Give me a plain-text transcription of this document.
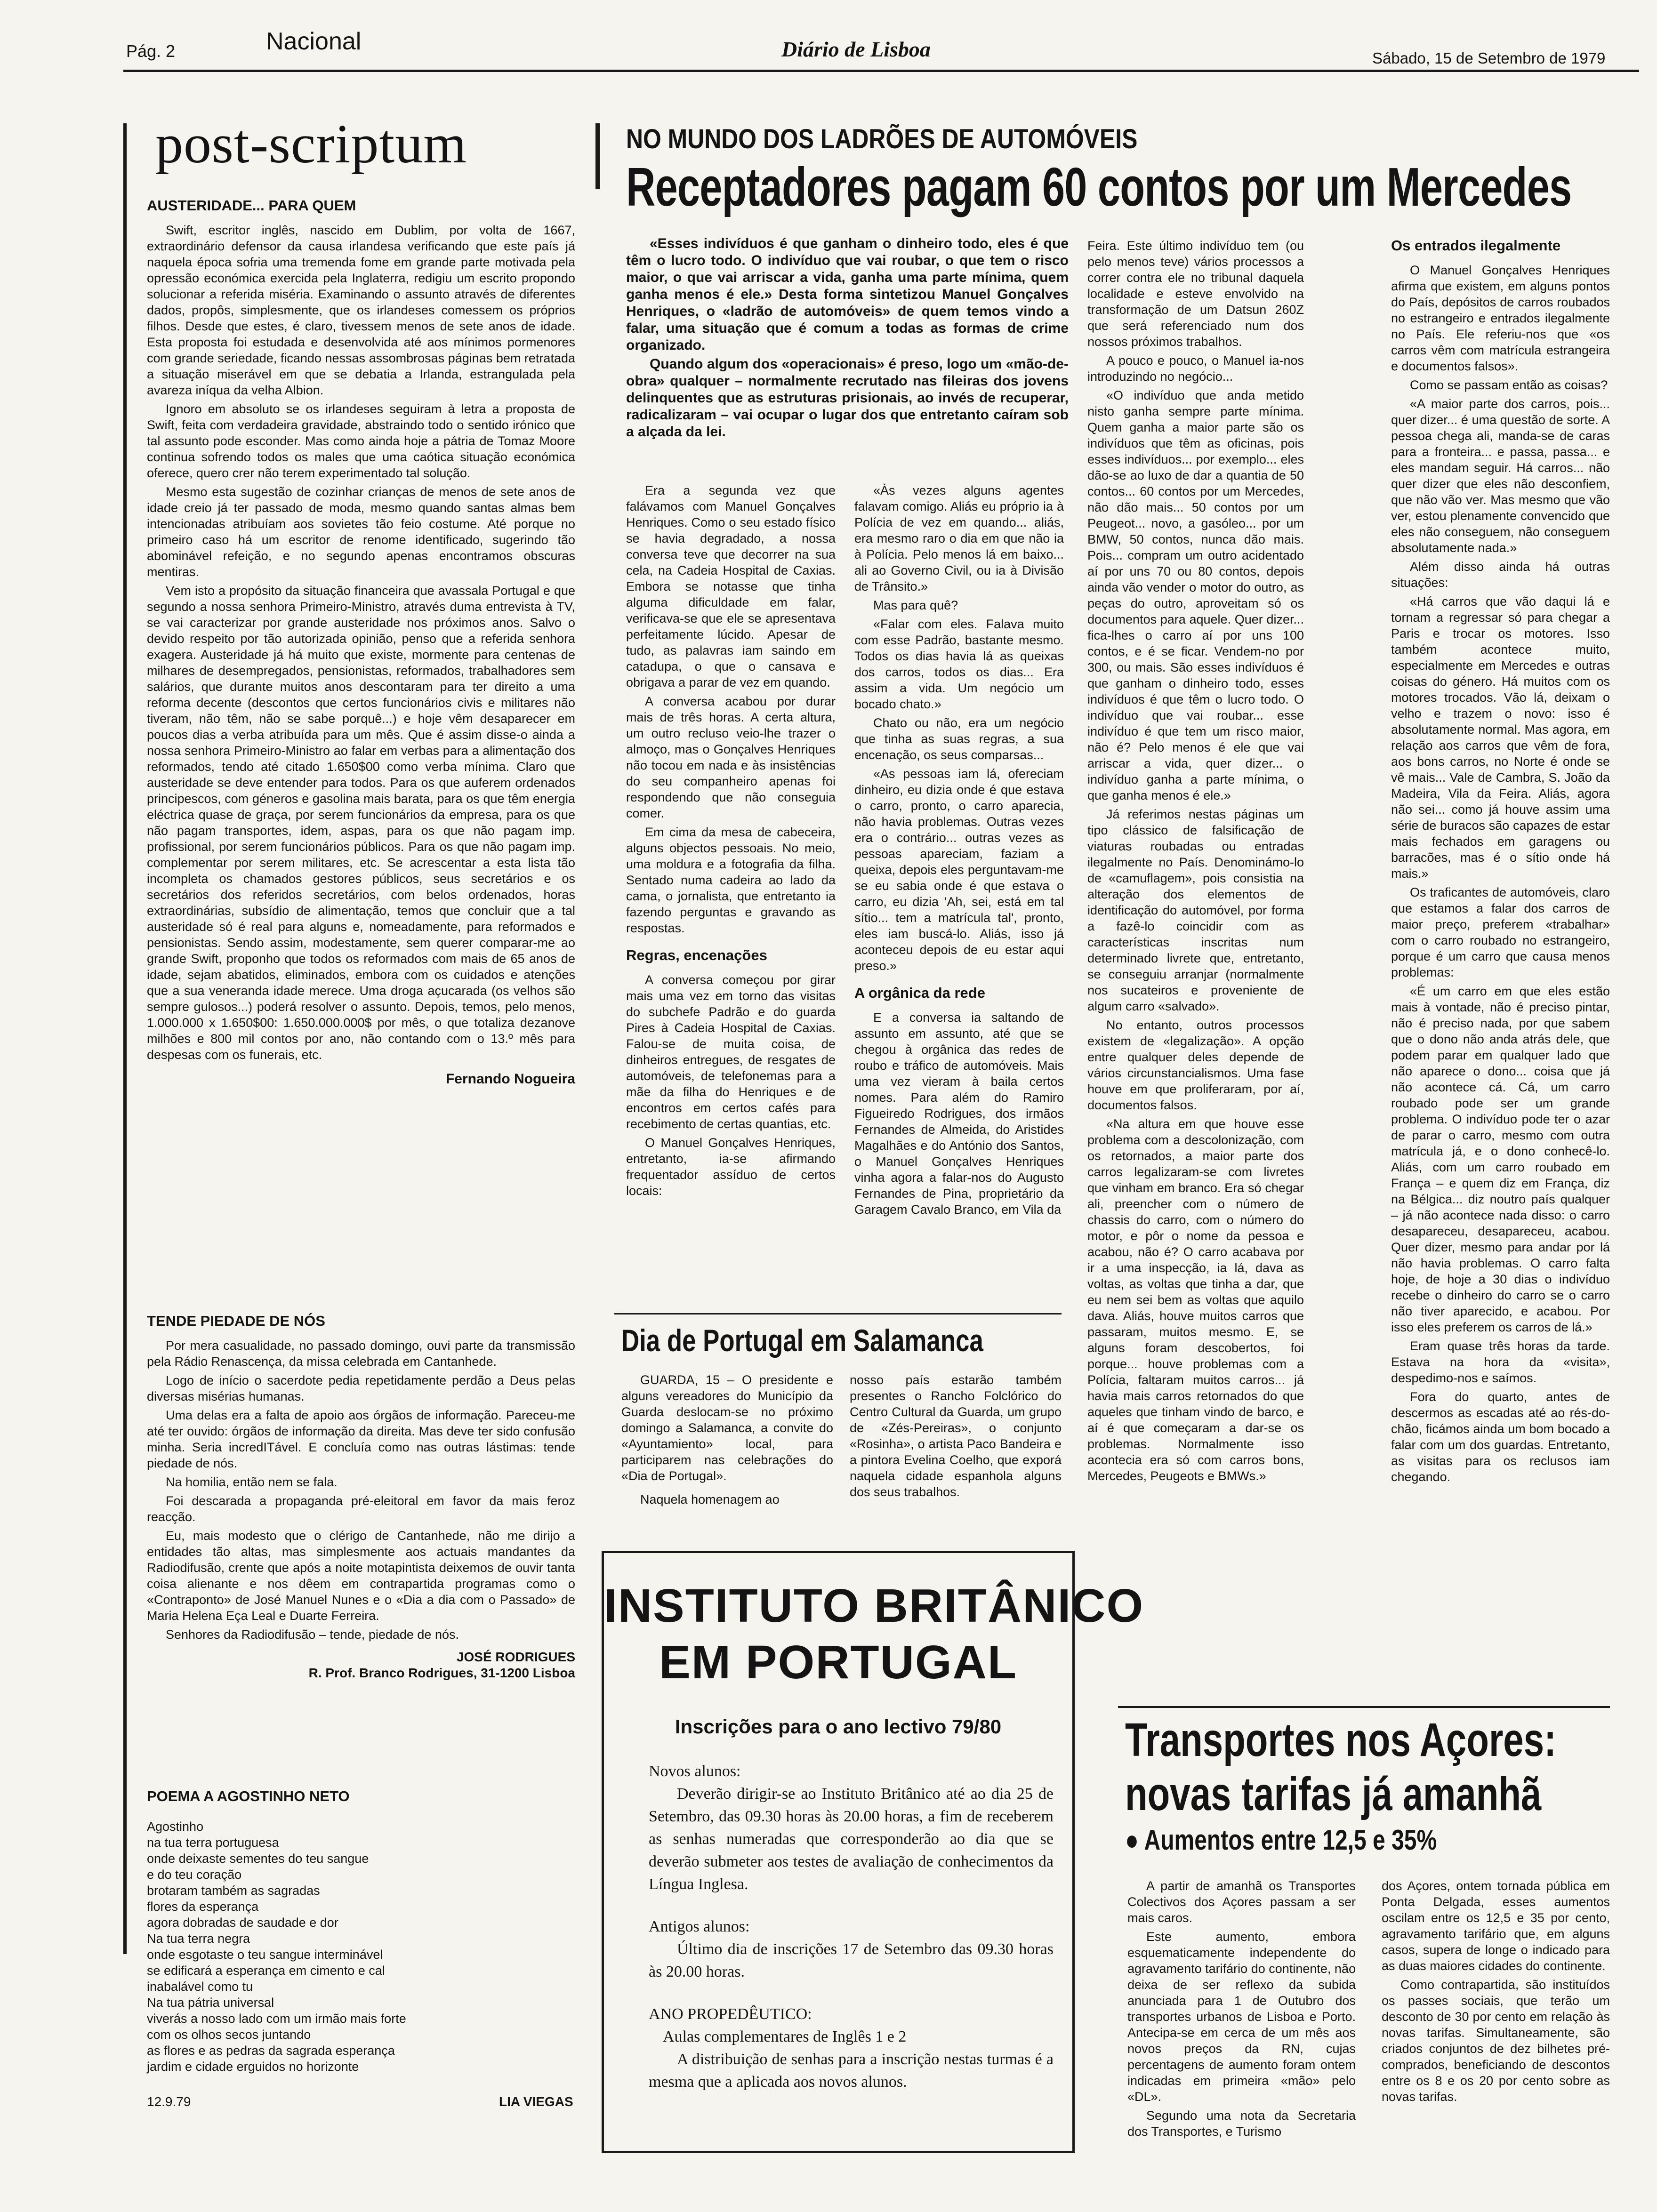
Pág. 2	Nacional	Diário de Lisboa	Sábado, 15 de Setembro de 1979
post-scriptum
AUSTERIDADE... PARA QUEM

Swift, escritor inglês, nascido em Dublim, por volta de 1667, extraordinário defensor da causa irlandesa verificando que este país já naquela época sofria uma tremenda fome em grande parte motivada pela opressão económica exercida pela Inglaterra, redigiu um escrito propondo solucionar a referida miséria. Examinando o assunto através de diferentes dados, propôs, simplesmente, que os irlandeses comessem os próprios filhos. Desde que estes, é claro, tivessem menos de sete anos de idade. Esta proposta foi estudada e desenvolvida até aos mínimos pormenores com grande seriedade, ficando nessas assombrosas páginas bem retratada a situação miserável em que se debatia a Irlanda, estrangulada pela avareza iníqua da velha Albion.

Ignoro em absoluto se os irlandeses seguiram à letra a proposta de Swift, feita com verdadeira gravidade, abstraindo todo o sentido irónico que tal assunto pode esconder. Mas como ainda hoje a pátria de Tomaz Moore continua sofrendo todos os males que uma caótica situação económica oferece, quero crer não terem experimentado tal solução.

Mesmo esta sugestão de cozinhar crianças de menos de sete anos de idade creio já ter passado de moda, mesmo quando santas almas bem intencionadas atribuíam aos sovietes tão feio costume. Até porque no primeiro caso há um escritor de renome identificado, sugerindo tão abominável refeição, e no segundo apenas encontramos obscuras mentiras.

Vem isto a propósito da situação financeira que avassala Portugal e que segundo a nossa senhora Primeiro-Ministro, através duma entrevista à TV, se vai caracterizar por grande austeridade nos próximos anos. Salvo o devido respeito por tão autorizada opinião, penso que a referida senhora exagera. Austeridade já há muito que existe, mormente para centenas de milhares de desempregados, pensionistas, reformados, trabalhadores sem salários, que durante muitos anos descontaram para ter direito a uma reforma decente (descontos que certos funcionários civis e militares não tiveram, não têm, não se sabe porquê...) e hoje vêm desaparecer em poucos dias a verba atribuída para um mês. Que é assim disse-o ainda a nossa senhora Primeiro-Ministro ao falar em verbas para a alimentação dos reformados, tendo até citado 1.650$00 como verba mínima. Claro que austeridade se deve entender para todos. Para os que auferem ordenados principescos, com géneros e gasolina mais barata, para os que têm energia eléctrica quase de graça, por serem funcionários da empresa, para os que não pagam transportes, idem, aspas, para os que não pagam imp. profissional, por serem funcionários públicos. Para os que não pagam imp. complementar por serem militares, etc. Se acrescentar a esta lista tão incompleta os chamados gestores públicos, seus secretários e os secretários dos referidos secretários, com belos ordenados, horas extraordinárias, subsídio de alimentação, temos que concluir que a tal austeridade só é real para alguns e, nomeadamente, para reformados e pensionistas. Sendo assim, modestamente, sem querer comparar-me ao grande Swift, proponho que todos os reformados com mais de 65 anos de idade, sejam abatidos, eliminados, embora com os cuidados e atenções que a sua veneranda idade merece. Uma droga açucarada (os velhos são sempre gulosos...) poderá resolver o assunto. Depois, temos, pelo menos, 1.000.000 x 1.650$00: 1.650.000.000$ por mês, o que totaliza dezanove milhões e 800 mil contos por ano, não contando com o 13.º mês para despesas com os funerais, etc.

Fernando Nogueira
TENDE PIEDADE DE NÓS

Por mera casualidade, no passado domingo, ouvi parte da transmissão pela Rádio Renascença, da missa celebrada em Cantanhede.

Logo de início o sacerdote pedia repetidamente perdão a Deus pelas diversas misérias humanas.

Uma delas era a falta de apoio aos órgãos de informação. Pareceu-me até ter ouvido: órgãos de informação da direita. Mas deve ter sido confusão minha. Seria incredITável. E concluía como nas outras lástimas: tende piedade de nós.

Na homilia, então nem se fala.

Foi descarada a propaganda pré-eleitoral em favor da mais feroz reacção.

Eu, mais modesto que o clérigo de Cantanhede, não me dirijo a entidades tão altas, mas simplesmente aos actuais mandantes da Radiodifusão, crente que após a noite motapintista deixemos de ouvir tanta coisa alienante e nos dêem em contrapartida programas como o «Contraponto» de José Manuel Nunes e o «Dia a dia com o Passado» de Maria Helena Eça Leal e Duarte Ferreira.

Senhores da Radiodifusão – tende, piedade de nós.

JOSÉ RODRIGUES
R. Prof. Branco Rodrigues, 31-1200 Lisboa
POEMA A AGOSTINHO NETO
Agostinho
na tua terra portuguesa
onde deixaste sementes do teu sangue
e do teu coração
brotaram também as sagradas
flores da esperança
agora dobradas de saudade e dor
Na tua terra negra
onde esgotaste o teu sangue interminável
se edificará a esperança em cimento e cal
inabalável como tu
Na tua pátria universal
viverás a nosso lado com um irmão mais forte
com os olhos secos juntando
as flores e as pedras da sagrada esperança
jardim e cidade erguidos no horizonte
12.9.79	LIA VIEGAS
NO MUNDO DOS LADRÕES DE AUTOMÓVEIS
Receptadores pagam 60 contos por um Mercedes

«Esses indivíduos é que ganham o dinheiro todo, eles é que têm o lucro todo. O indivíduo que vai roubar, o que tem o risco maior, o que vai arriscar a vida, ganha uma parte mínima, quem ganha menos é ele.» Desta forma sintetizou Manuel Gonçalves Henriques, o «ladrão de automóveis» de quem temos vindo a falar, uma situação que é comum a todas as formas de crime organizado.

Quando algum dos «operacionais» é preso, logo um «mão-de-obra» qualquer – normalmente recrutado nas fileiras dos jovens delinquentes que as estruturas prisionais, ao invés de recuperar, radicalizaram – vai ocupar o lugar dos que entretanto caíram sob a alçada da lei.

Era a segunda vez que falávamos com Manuel Gonçalves Henriques. Como o seu estado físico se havia degradado, a nossa conversa teve que decorrer na sua cela, na Cadeia Hospital de Caxias. Embora se notasse que tinha alguma dificuldade em falar, verificava-se que ele se apresentava perfeitamente lúcido. Apesar de tudo, as palavras iam saindo em catadupa, o que o cansava e obrigava a parar de vez em quando.

A conversa acabou por durar mais de três horas. A certa altura, um outro recluso veio-lhe trazer o almoço, mas o Gonçalves Henriques não tocou em nada e às insistências do seu companheiro apenas foi respondendo que não conseguia comer.

Em cima da mesa de cabeceira, alguns objectos pessoais. No meio, uma moldura e a fotografia da filha. Sentado numa cadeira ao lado da cama, o jornalista, que entretanto ia fazendo perguntas e gravando as respostas.

Regras, encenações

A conversa começou por girar mais uma vez em torno das visitas do subchefe Padrão e do guarda Pires à Cadeia Hospital de Caxias. Falou-se de muita coisa, de dinheiros entregues, de resgates de automóveis, de telefonemas para a mãe da filha do Henriques e de encontros em certos cafés para recebimento de certas quantias, etc.

O Manuel Gonçalves Henriques, entretanto, ia-se afirmando frequentador assíduo de certos locais:

«Às vezes alguns agentes falavam comigo. Aliás eu próprio ia à Polícia de vez em quando... aliás, era mesmo raro o dia em que não ia à Polícia. Pelo menos lá em baixo... ali ao Governo Civil, ou ia à Divisão de Trânsito.»

Mas para quê?

«Falar com eles. Falava muito com esse Padrão, bastante mesmo. Todos os dias havia lá as queixas dos carros, todos os dias... Era assim a vida. Um negócio um bocado chato.»

Chato ou não, era um negócio que tinha as suas regras, a sua encenação, os seus comparsas...

«As pessoas iam lá, ofereciam dinheiro, eu dizia onde é que estava o carro, pronto, o carro aparecia, não havia problemas. Outras vezes era o contrário... outras vezes as pessoas apareciam, faziam a queixa, depois eles perguntavam-me se eu sabia onde é que estava o carro, eu dizia 'Ah, sei, está em tal sítio... tem a matrícula tal', pronto, eles iam buscá-lo. Aliás, isso já aconteceu depois de eu estar aqui preso.»

A orgânica da rede

E a conversa ia saltando de assunto em assunto, até que se chegou à orgânica das redes de roubo e tráfico de automóveis. Mais uma vez vieram à baila certos nomes. Para além do Ramiro Figueiredo Rodrigues, dos irmãos Fernandes de Almeida, do Aristides Magalhães e do António dos Santos, o Manuel Gonçalves Henriques vinha agora a falar-nos do Augusto Fernandes de Pina, proprietário da Garagem Cavalo Branco, em Vila da

Feira. Este último indivíduo tem (ou pelo menos teve) vários processos a correr contra ele no tribunal daquela localidade e esteve envolvido na transformação de um Datsun 260Z que será referenciado num dos nossos próximos trabalhos.

A pouco e pouco, o Manuel ia-nos introduzindo no negócio...

«O indivíduo que anda metido nisto ganha sempre parte mínima. Quem ganha a maior parte são os indivíduos que têm as oficinas, pois esses indivíduos... por exemplo... eles dão-se ao luxo de dar a quantia de 50 contos... 60 contos por um Mercedes, não dão mais... 50 contos por um Peugeot... novo, a gasóleo... por um BMW, 50 contos, nunca dão mais. Pois... compram um outro acidentado aí por uns 70 ou 80 contos, depois ainda vão vender o motor do outro, as peças do outro, aproveitam só os documentos para aquele. Quer dizer... fica-lhes o carro aí por uns 100 contos, e é se ficar. Vendem-no por 300, ou mais. São esses indivíduos é que ganham o dinheiro todo, esses indivíduos é que têm o lucro todo. O indivíduo que vai roubar... esse indivíduo é que tem um risco maior, não é? Pelo menos é ele que vai arriscar a vida, quer dizer... o indivíduo ganha a parte mínima, o que ganha menos é ele.»

Já referimos nestas páginas um tipo clássico de falsificação de viaturas roubadas ou entradas ilegalmente no País. Denominámo-lo de «camuflagem», pois consistia na alteração dos elementos de identificação do automóvel, por forma a fazê-lo coincidir com as características inscritas num determinado livrete que, entretanto, se conseguiu arranjar (normalmente nos sucateiros e proveniente de algum carro «salvado».

No entanto, outros processos existem de «legalização». A opção entre qualquer deles depende de vários circunstancialismos. Uma fase houve em que proliferaram, por aí, documentos falsos.

«Na altura em que houve esse problema com a descolonização, com os retornados, a maior parte dos carros legalizaram-se com livretes que vinham em branco. Era só chegar ali, preencher com o número de chassis do carro, com o número do motor, e pôr o nome da pessoa e acabou, não é? O carro acabava por ir a uma inspecção, ia lá, dava as voltas, as voltas que tinha a dar, que eu nem sei bem as voltas que aquilo dava. Aliás, houve muitos carros que passaram, muitos mesmo. E, se alguns foram descobertos, foi porque... houve problemas com a Polícia, faltaram muitos carros... já havia mais carros retornados do que aqueles que tinham vindo de barco, e aí é que começaram a dar-se os problemas. Normalmente isso acontecia era só com carros bons, Mercedes, Peugeots e BMWs.»

Os entrados ilegalmente

O Manuel Gonçalves Henriques afirma que existem, em alguns pontos do País, depósitos de carros roubados no estrangeiro e entrados ilegalmente no País. Ele referiu-nos que «os carros vêm com matrícula estrangeira e documentos falsos».

Como se passam então as coisas?

«A maior parte dos carros, pois... quer dizer... é uma questão de sorte. A pessoa chega ali, manda-se de caras para a fronteira... e passa, passa... e eles mandam seguir. Há carros... não quer dizer que eles não desconfiem, que não vão ver. Mas mesmo que vão ver, estou plenamente convencido que eles não conseguem, não conseguem absolutamente nada.»

Além disso ainda há outras situações:

«Há carros que vão daqui lá e tornam a regressar só para chegar a Paris e trocar os motores. Isso também acontece muito, especialmente em Mercedes e outras coisas do género. Há muitos com os motores trocados. Vão lá, deixam o velho e trazem o novo: isso é absolutamente normal. Mas agora, em relação aos carros que vêm de fora, aos bons carros, no Norte é onde se vê mais... Vale de Cambra, S. João da Madeira, Vila da Feira. Aliás, agora não sei... como já houve assim uma série de buracos são capazes de estar mais fechados em garagens ou barracões, mas é o sítio onde há mais.»

Os traficantes de automóveis, claro que estamos a falar dos carros de maior preço, preferem «trabalhar» com o carro roubado no estrangeiro, porque é um carro que causa menos problemas:

«É um carro em que eles estão mais à vontade, não é preciso pintar, não é preciso nada, por que sabem que o dono não anda atrás dele, que podem parar em qualquer lado que não aparece o dono... coisa que já não acontece cá. Cá, um carro roubado pode ser um grande problema. O indivíduo pode ter o azar de parar o carro, mesmo com outra matrícula já, e o dono conhecê-lo. Aliás, com um carro roubado em França – e quem diz em França, diz na Bélgica... diz noutro país qualquer – já não acontece nada disso: o carro desapareceu, desapareceu, acabou. Quer dizer, mesmo para andar por lá não havia problemas. O carro falta hoje, de hoje a 30 dias o indivíduo recebe o dinheiro do carro se o carro não tiver aparecido, e acabou. Por isso eles preferem os carros de lá.»

Eram quase três horas da tarde. Estava na hora da «visita», despedimo-nos e saímos.

Fora do quarto, antes de descermos as escadas até ao rés-do-chão, ficámos ainda um bom bocado a falar com um dos guardas. Entretanto, as visitas para os reclusos iam chegando.

Dia de Portugal em Salamanca

GUARDA, 15 – O presidente e alguns vereadores do Município da Guarda deslocam-se no próximo domingo a Salamanca, a convite do «Ayuntamiento» local, para participarem nas celebrações do «Dia de Portugal».

Naquela homenagem ao

nosso país estarão também presentes o Rancho Folclórico do Centro Cultural da Guarda, um grupo de «Zés-Pereiras», o conjunto «Rosinha», o artista Paco Bandeira e a pintora Evelina Coelho, que exporá naquela cidade espanhola alguns dos seus trabalhos.

INSTITUTO BRITÂNICO
EM PORTUGAL
Inscrições para o ano lectivo 79/80
Novos alunos:
Deverão dirigir-se ao Instituto Britânico até ao dia 25 de Setembro, das 09.30 horas às 20.00 horas, a fim de receberem as senhas numeradas que corresponderão ao dia que se deverão submeter aos testes de avaliação de conhecimentos da Língua Inglesa.
Antigos alunos:
Último dia de inscrições 17 de Setembro das 09.30 horas às 20.00 horas.
ANO PROPEDÊUTICO:
Aulas complementares de Inglês 1 e 2
A distribuição de senhas para a inscrição nestas turmas é a mesma que a aplicada aos novos alunos.
Transportes nos Açores:
novas tarifas já amanhã
● Aumentos entre 12,5 e 35%

A partir de amanhã os Transportes Colectivos dos Açores passam a ser mais caros.

Este aumento, embora esquematicamente independente do agravamento tarifário do continente, não deixa de ser reflexo da subida anunciada para 1 de Outubro dos transportes urbanos de Lisboa e Porto. Antecipa-se em cerca de um mês aos novos preços da RN, cujas percentagens de aumento foram ontem indicadas em primeira «mão» pelo «DL».

Segundo uma nota da Secretaria dos Transportes, e Turismo

dos Açores, ontem tornada pública em Ponta Delgada, esses aumentos oscilam entre os 12,5 e 35 por cento, agravamento tarifário que, em alguns casos, supera de longe o indicado para as duas maiores cidades do continente.

Como contrapartida, são instituídos os passes sociais, que terão um desconto de 30 por cento em relação às novas tarifas. Simultaneamente, são criados conjuntos de dez bilhetes pré-comprados, beneficiando de descontos entre os 8 e os 20 por cento sobre as novas tarifas.
